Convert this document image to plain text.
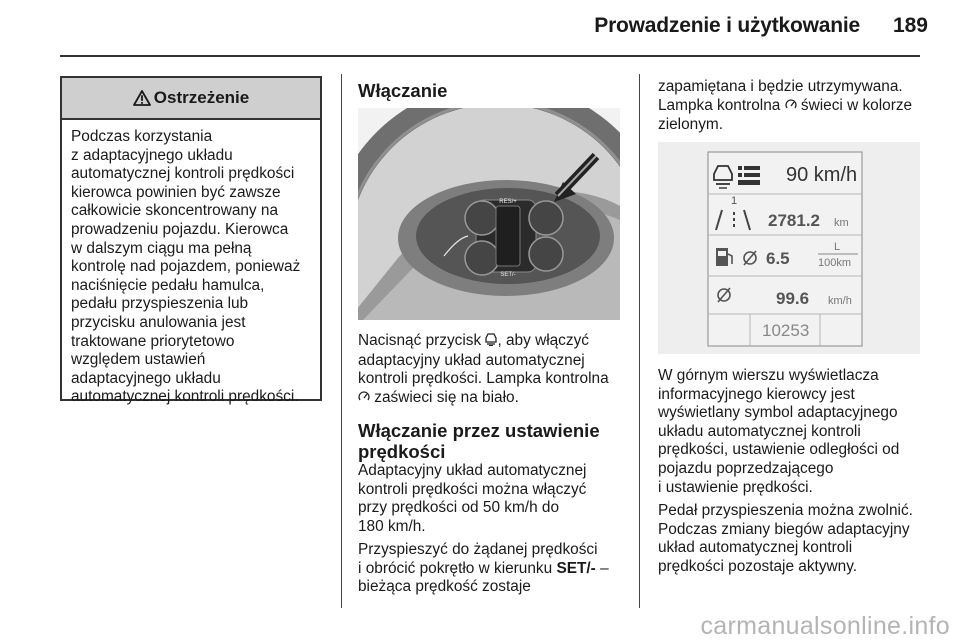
Prowadzenie i użytkowanie	189
Ostrzeżenie
Podczas korzystania
z adaptacyjnego układu
automatycznej kontroli prędkości
kierowca powinien być zawsze
całkowicie skoncentrowany na
prowadzeniu pojazdu. Kierowca
w dalszym ciągu ma pełną
kontrolę nad pojazdem, ponieważ
naciśnięcie pedału hamulca,
pedału przyspieszenia lub
przycisku anulowania jest
traktowane priorytetowo
względem ustawień
adaptacyjnego układu
automatycznej kontroli prędkości.
Włączanie
RES/+
SET/-
Nacisnąć przycisk , aby włączyć
adaptacyjny układ automatycznej
kontroli prędkości. Lampka kontrolna
zaświeci się na biało.
Włączanie przez ustawienie
prędkości
Adaptacyjny układ automatycznej
kontroli prędkości można włączyć
przy prędkości od 50 km/h do
180 km/h.
Przyspieszyć do żądanej prędkości
i obrócić pokrętło w kierunku SET/- –
bieżąca prędkość zostaje
zapamiętana i będzie utrzymywana.
Lampka kontrolna  świeci w kolorze
zielonym.
90 km/h
1
2781.2 km
6.5
L
100km
99.6 km/h
10253
W górnym wierszu wyświetlacza
informacyjnego kierowcy jest
wyświetlany symbol adaptacyjnego
układu automatycznej kontroli
prędkości, ustawienie odległości od
pojazdu poprzedzającego
i ustawienie prędkości.
Pedał przyspieszenia można zwolnić.
Podczas zmiany biegów adaptacyjny
układ automatycznej kontroli
prędkości pozostaje aktywny.
carmanualsonline.info
